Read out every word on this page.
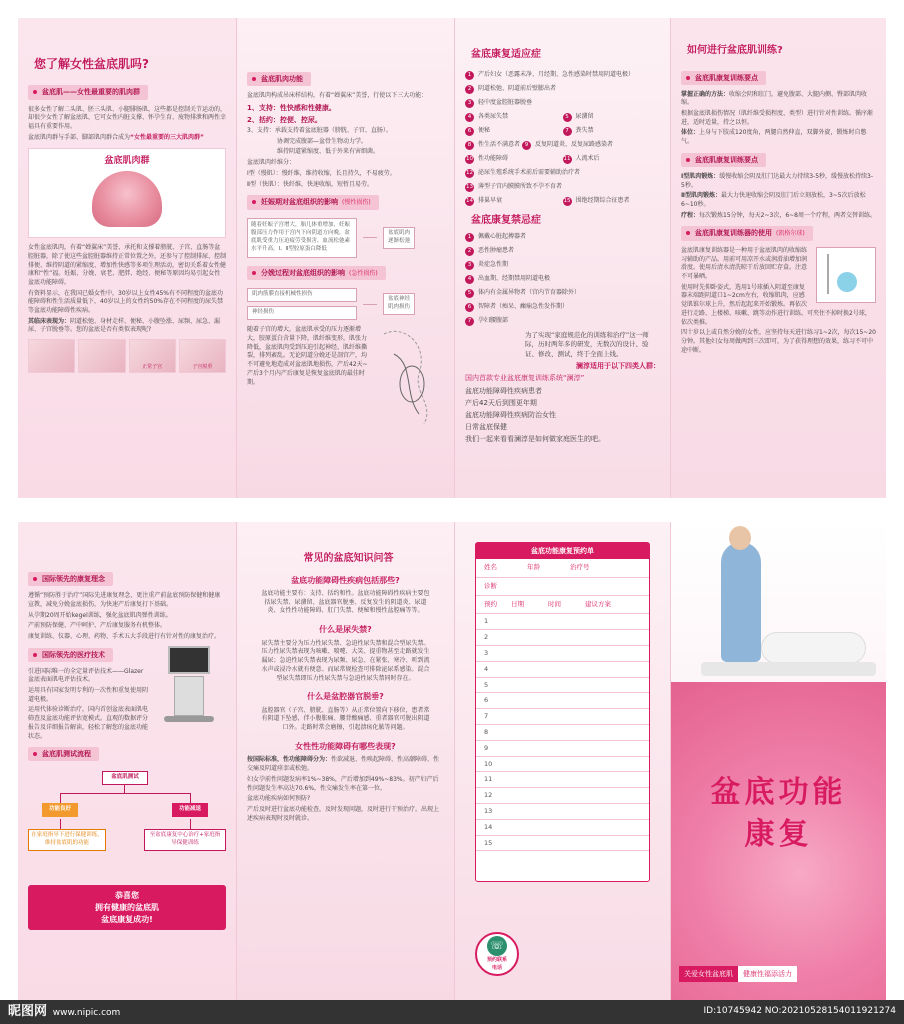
您了解女性盆底肌吗?
盆底肌——女性最重要的肌肉群

很多女性了解二头肌、胚三头肌、小腿腓肠肌，这些都是控制关节运动的，却很少女性了解盆底肌，它可女性内脏支撑、怀孕生育、废物排泄和两性幸福具有重要作用。

盆底肌肉群与手部、脚部肌肉群合成为“女性最重要的三大肌肉群”

盆底肌肉群

女性盆底肌肉，有着“婵翼床”美誉，承托和支撑着膀胱、子宫、直肠等盆腔脏器，除了使这些盆腔脏器维持正常位置之外，还参与了控制排尿、控制排便、维持阴道的紧缩度、增加性快感等多项生理活动，密切关系着女性健康和“性”福。妊娠、分娩、衰老、肥胖、绝经、便秘等原因均易引起女性盆底功能障碍。

有资料显示，在我国已婚女性中，30岁以上女性45%有不同程度的盆底功能障碍和性生活质量低下，40岁以上的女性约50%存在不同程度的尿失禁等盆底功能障碍性疾病。

其临床表现为：阴道松弛、身材走样、便秘、小腹坠涨、尿频、尿急、漏尿、子宫脱垂等。您的盆底是否有类似表现呢?

正常子宫	子宫脱垂
盆底肌肉功能

盆底肌肉构成吊床样结构，有着“婵翼床”美誉，行使以下三大功能：

1、支持：性快感和性健康。

2、括约：控便、控尿。

3、支持：承载支持着盆底脏器（膀胱、子宫、直肠）。

协调完成腹部—盆骨生物动力学。

维持阴道紧缩度、低于外来有害细菌。

盆底肌肉纤维分：

Ⅰ型（慢肌）：慢纤维，维持收缩，长且持久，不易疲劳。

Ⅱ型（快肌）：快纤维，快速收缩，短暂且易劳。

妊娠期对盆底组织的影响 (慢性损伤)
随着妊娠子宫增大，胎儿体重增加，妊娠腹部压力作用于宫内下向阴道方向晚，盆底肌受重力压迫疲劳受损害，血流松弛素水平升高，Ⅰ、Ⅱ型胶原蛋白降低
盆底肌肉
逐渐松弛
分娩过程对盆底组织的影响 (急性损伤)
肌肉筋膜直接机械性损伤
神经损伤
盆底神经
肌肉损伤

随着子宫的增大，盆底肌承受的压力逐渐增大，胶原蛋白含量下降，肌纤维变形，肌张力降低，盆底肌肉受到压迫引起神经、肌纤维撕裂，排列紊乱。无论阴道分娩还是剖宫产，均不可避免地造成对盆底肌地损伤，产后42天~产后3个月内产后康复是恢复盆底肌的最佳时期。

盆底康复适应症
1	产后妇女（恶露未净、月经期、急性感染时禁用阴道电极）
2	阴道松弛、阴道前后壁膨出者
3	轻中度盆腔脏器脱垂
4 各类尿失禁	5 尿潴留
6 便秘	7 粪失禁
8	性生活不满意者
9	反复阴道炎、反复尿路感染者
10 性功能障碍	11 人流术后
12 泌尿生殖系统手术前后需要辅助治疗者
13 薄型子宫内膜膜所致不孕不育者
14 排巢早衰	15 围绝经期综合征患者
盆底康复禁忌症
1	佩戴心脏起搏器者
2	恶性肿瘤患者
3	炎症急性期
4	出血期、经期禁用阴道电极
5	体内有金属异物者（宫内节育器除外）
6	智障者（痴呆、癫痫急性发作期）
7	孕妇腰腹部

为了实现“家庭规范化的训练和治疗”这一师际，历时两年多的研发，无数次的设计、验证、修改、测试，终于全面上线。

澜淳适用于以下四类人群：

国内首款专业盆底康复训练系统“澜淳”

盆底功能障碍性疾病患者

产后42天后到围更年期

盆底功能障碍性疾病防治女性

日常盆底保健

我们一起来看看澜淳是如何做家庭医生的吧。

如何进行盆底肌训练?
盆底肌康复训练要点

掌握正确的方法：收缩会阴和肛门，避免腹部、大腿内侧、臀部肌肉收缩。

根据盆底肌损伤情况（肌纤维受损程度、类型）进行针对性训练。循序渐进，适时适量，持之以恒。

体位：上身与下肢成120度角，两腿自然伸直，双脚外旋，锻炼时自憋气。

盆底肌康复训练要点

Ⅰ型肌肉锻炼：缓慢收缩会阴及肛门达最大力持续3-5秒，缓慢放松持续3-5秒。

Ⅱ型肌肉锻炼：最大力快速收缩会阴及肛门后立刻放松，3~5次后放松6~10秒。

疗程：每次锻炼15分钟，每天2~3次，6~8周一个疗程，两者交替训练。

盆底肌康复训练器的使用 (凯格尔球)

盆底肌康复训练器是一种用于盆底肌肉的收缩练习辅助的产品。用前可用凉开水或润滑油增加润滑度。使用后清水清洗晾干后放回贮存盒。注意不可暴晒。

使用时先仰卧姿式，选用1号球插入阴道至康复器末端距阴道口1~2cm左右，收缩肌肉，应感觉肌锥尔球上升，然后起起来开始锻炼。再依次进行走路、上楼梯、咳嗽、跳等动作进行训练。可夹住不掉时换2号球，依次类推。

四十岁以上或自然分娩的女性，应坚持每天进行练习1~2次，每次15~20分钟。其他妇女每周做两到三次即可，为了获得理想的效果，练习不可中途中断。

国际领先的康复理念

遵循“预防胜于治疗”国际先进康复理念，更注重产前盆底预防保健和健康宣教，减免分娩盆底损伤，为快速产后康复打下基础。

从孕期20周开始kegel训练，强化盆底肌肉弹性训练。

产前预防保健、产中呵护、产后康复服务有机整体。

康复训练、仪器、心理、药物、手术五大手段进行有针对性的康复治疗。

国际领先的医疗技术

引进国际唯一的全定量评估技术——Glazer盆底表面肌电评估技术。

运用具有国家发明专利的一次性和重复使用阴道电极。

运用代体验诊断治疗，国内首创盆底表面肌电筛查及盆底功能评估宽模式。直观的数据评分报告及详细报告解读，轻松了解您的盆底功能状态。

盆底肌测试流程
盆底肌测试
功能良好	功能减退
在家庭指导下进行保健训练，维持盆底肌的功能
至盆底康复中心治疗+家庭指导保健训练
恭喜您
拥有健康的盆底肌
盆底康复成功!
常见的盆底知识问答
盆底功能障碍性疾病包括那些?

盆底功能主要有：支持、括约和性。盆底功能障碍性疾病主要包括尿失禁、尿潴留、盆底器官脱垂、反复发生的阴道炎、尿道炎、女性性功能障碍、肛门失禁、便秘和慢性盆腔痛等等。

什么是尿失禁?

尿失禁主要分为压力性尿失禁、急迫性尿失禁和混合型尿失禁。压力性尿失禁表现为咳嗽、喷嚏、大笑、提重物甚至走路就发生漏尿；急迫性尿失禁表现为尿频、尿急、在紧张、寒冷、听到流水声或浸冷水就有便意。而尿常规检查可排除泌尿系感染。混合型尿失禁即压力性尿失禁与急迫性尿失禁同时存在。

什么是盆腔器官脱垂?

盆腔器官（子宫、膀胱、直肠等）从正常位置向下移位，患者常有阴道下坠感，伴小腹胀痛、腰背酸痛感、重者器官可脱出阴道口外。走路时常会磨擦，引起溃疡化脓等问题。

女性性功能障碍有哪些表现?

按国际标准，性功能障碍分为：性欲减退、性唤起障碍、性高潮障碍、性交痛及阴道痉挛或松弛。

妇女孕前性问题发病率1%~38%，产后增加到49%~83%。初产妇产后性问题发生率高达70.6%，性交痛发生率在第一位。

盆底功能疾病如何预防?

产后及时进行盆底功能检查，及时发现问题，及时进行干预治疗。出现上述疾病表现时及时就诊。

盆底功能康复预约单
姓名	年龄	治疗号
诊断
预约 日期	时间	建议方案
1
2
3
4
5
6
7
8
9
10
11
12
13
14
15
☏
预约联系
电话
盆底功能
康复
关爱女性盆底肌	健康性福添活力
昵图网 www.nipic.com	ID:10745942 NO:20210528154011921274
